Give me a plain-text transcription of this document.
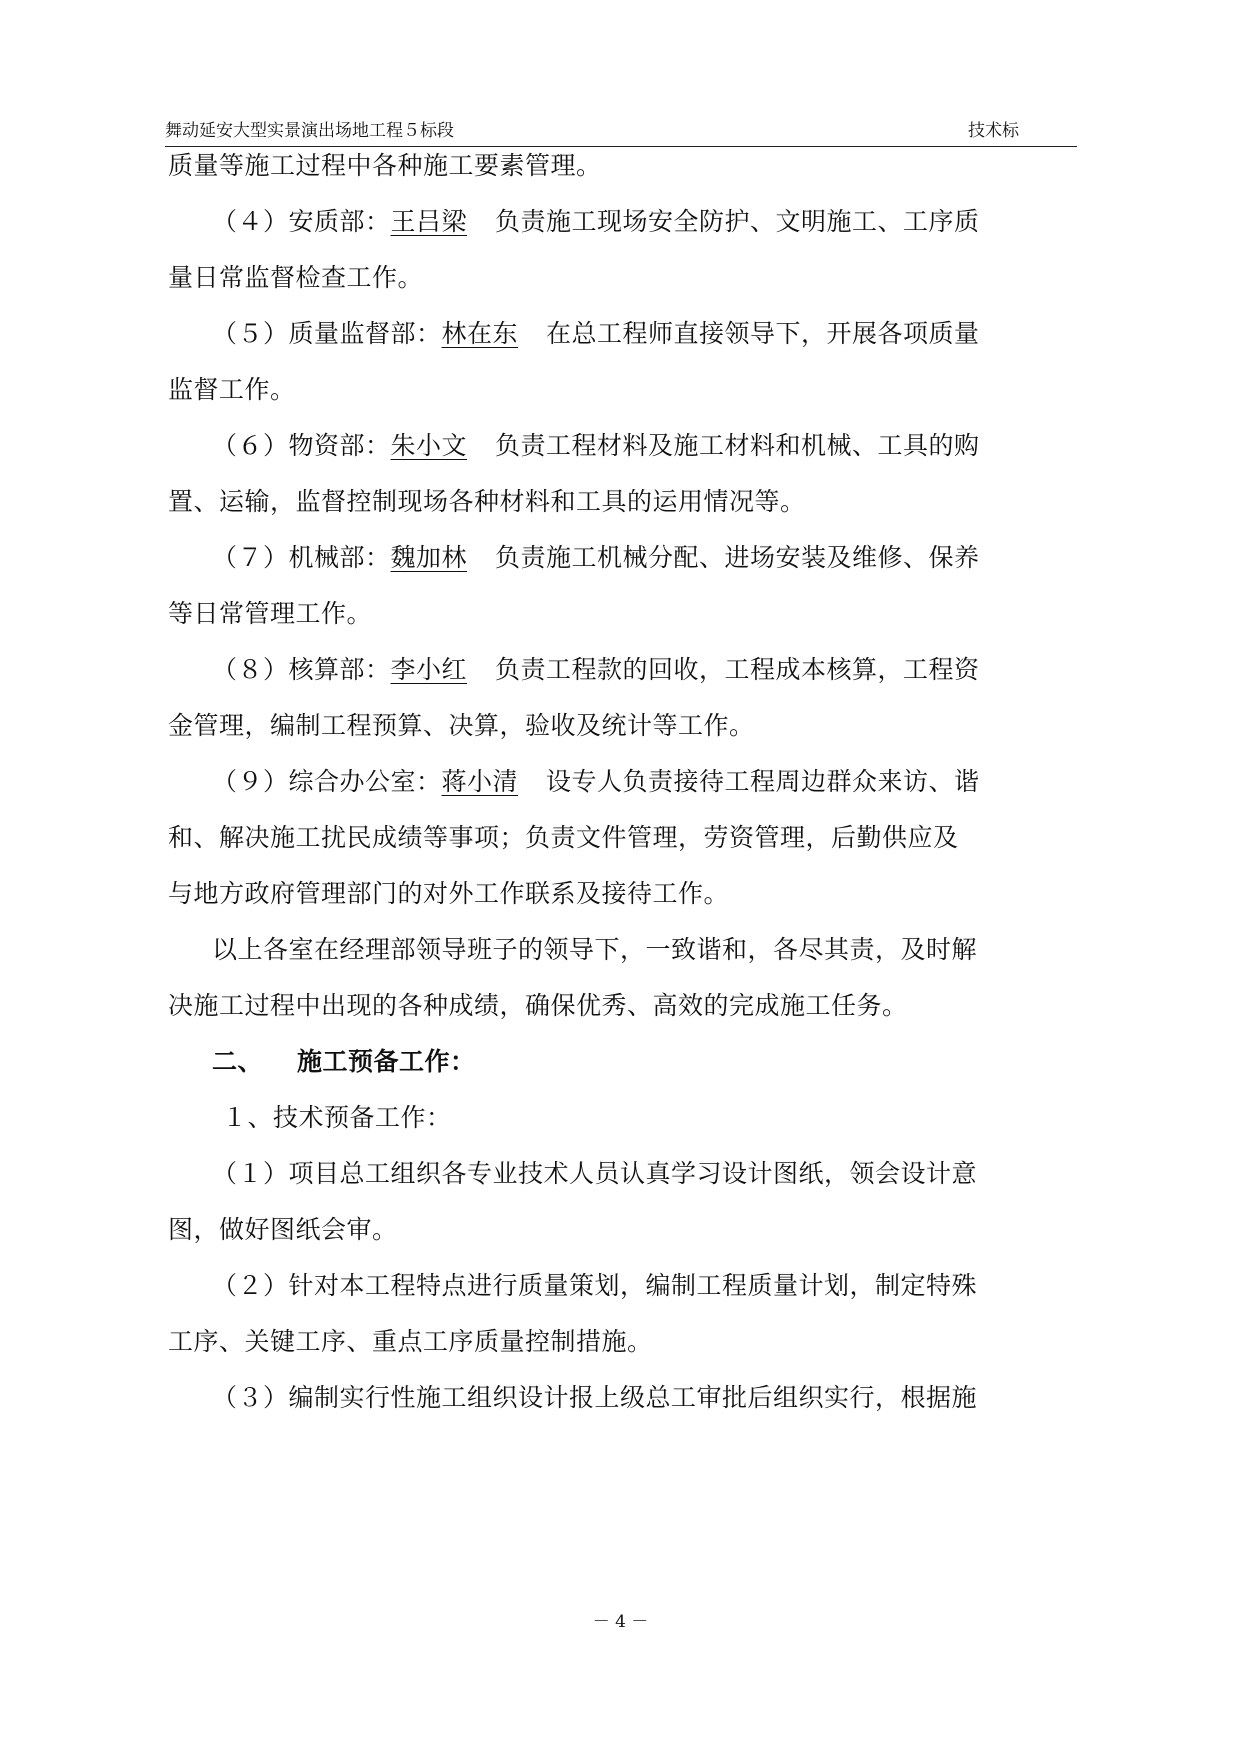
舞动延安大型实景演出场地工程５标段	技术标
质量等施工过程中各种施工要素管理。
（４）安质部：王吕梁 负责施工现场安全防护、文明施工、工序质
量日常监督检查工作。
（５）质量监督部：林在东 在总工程师直接领导下，开展各项质量
监督工作。
（６）物资部：朱小文 负责工程材料及施工材料和机械、工具的购
置、运输，监督控制现场各种材料和工具的运用情况等。
（７）机械部：魏加林 负责施工机械分配、进场安装及维修、保养
等日常管理工作。
（８）核算部：李小红 负责工程款的回收，工程成本核算，工程资
金管理，编制工程预算、决算，验收及统计等工作。
（９）综合办公室：蒋小清 设专人负责接待工程周边群众来访、谐
和、解决施工扰民成绩等事项；负责文件管理，劳资管理，后勤供应及
与地方政府管理部门的对外工作联系及接待工作。
以上各室在经理部领导班子的领导下，一致谐和，各尽其责，及时解
决施工过程中出现的各种成绩，确保优秀、高效的完成施工任务。
二、 施工预备工作：
１、技术预备工作：
（１）项目总工组织各专业技术人员认真学习设计图纸，领会设计意
图，做好图纸会审。
（２）针对本工程特点进行质量策划，编制工程质量计划，制定特殊
工序、关键工序、重点工序质量控制措施。
（３）编制实行性施工组织设计报上级总工审批后组织实行，根据施
－ 4 －
